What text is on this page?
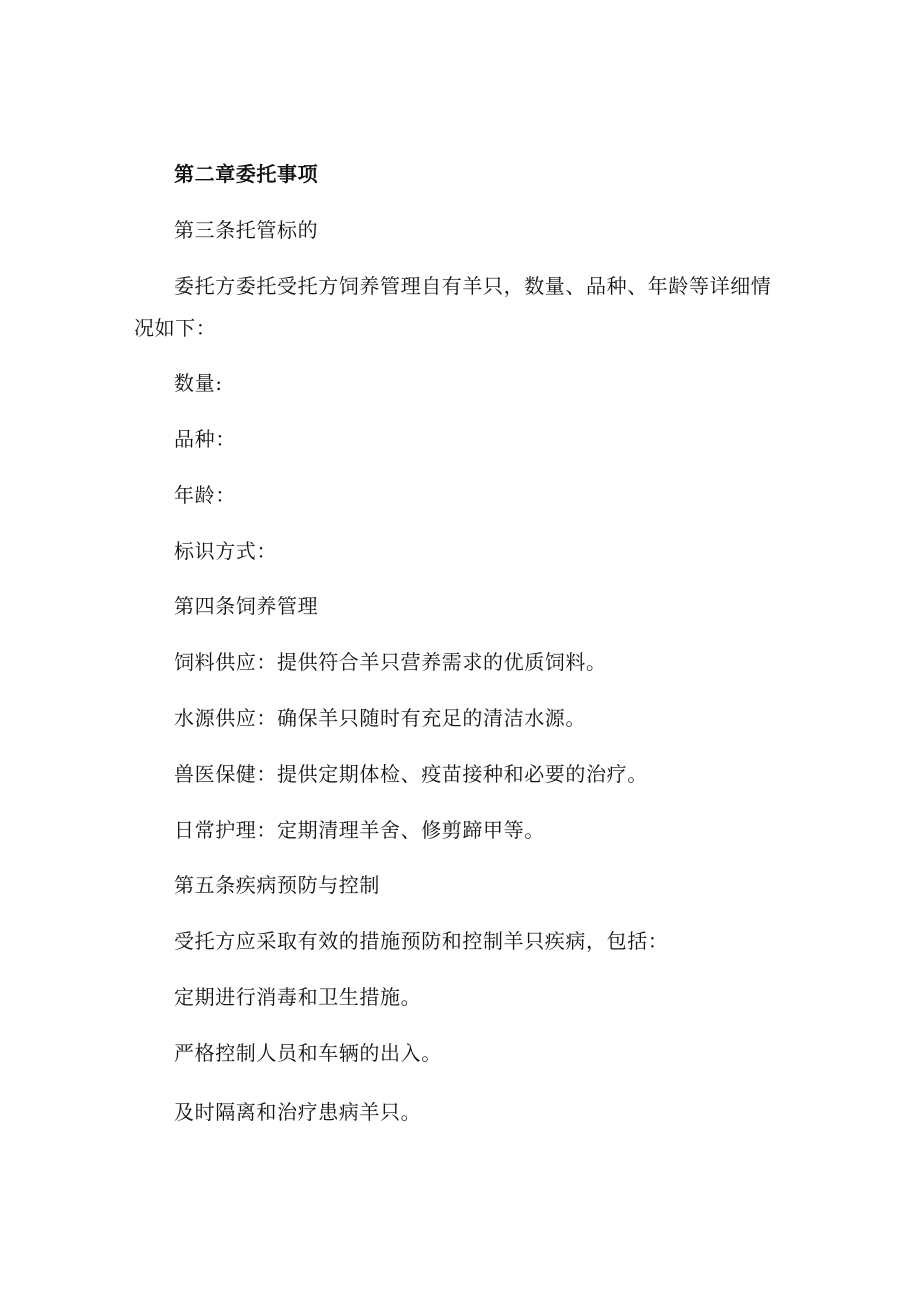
第二章委托事项
第三条托管标的
委托方委托受托方饲养管理自有羊只，数量、品种、年龄等详细情
况如下：
数量:
品种：
年龄：
标识方式：
第四条饲养管理
饲料供应：提供符合羊只营养需求的优质饲料。
水源供应：确保羊只随时有充足的清洁水源。
兽医保健：提供定期体检、疫苗接种和必要的治疗。
日常护理：定期清理羊舍、修剪蹄甲等。
第五条疾病预防与控制
受托方应采取有效的措施预防和控制羊只疾病，包括：
定期进行消毒和卫生措施。
严格控制人员和车辆的出入。
及时隔离和治疗患病羊只。
